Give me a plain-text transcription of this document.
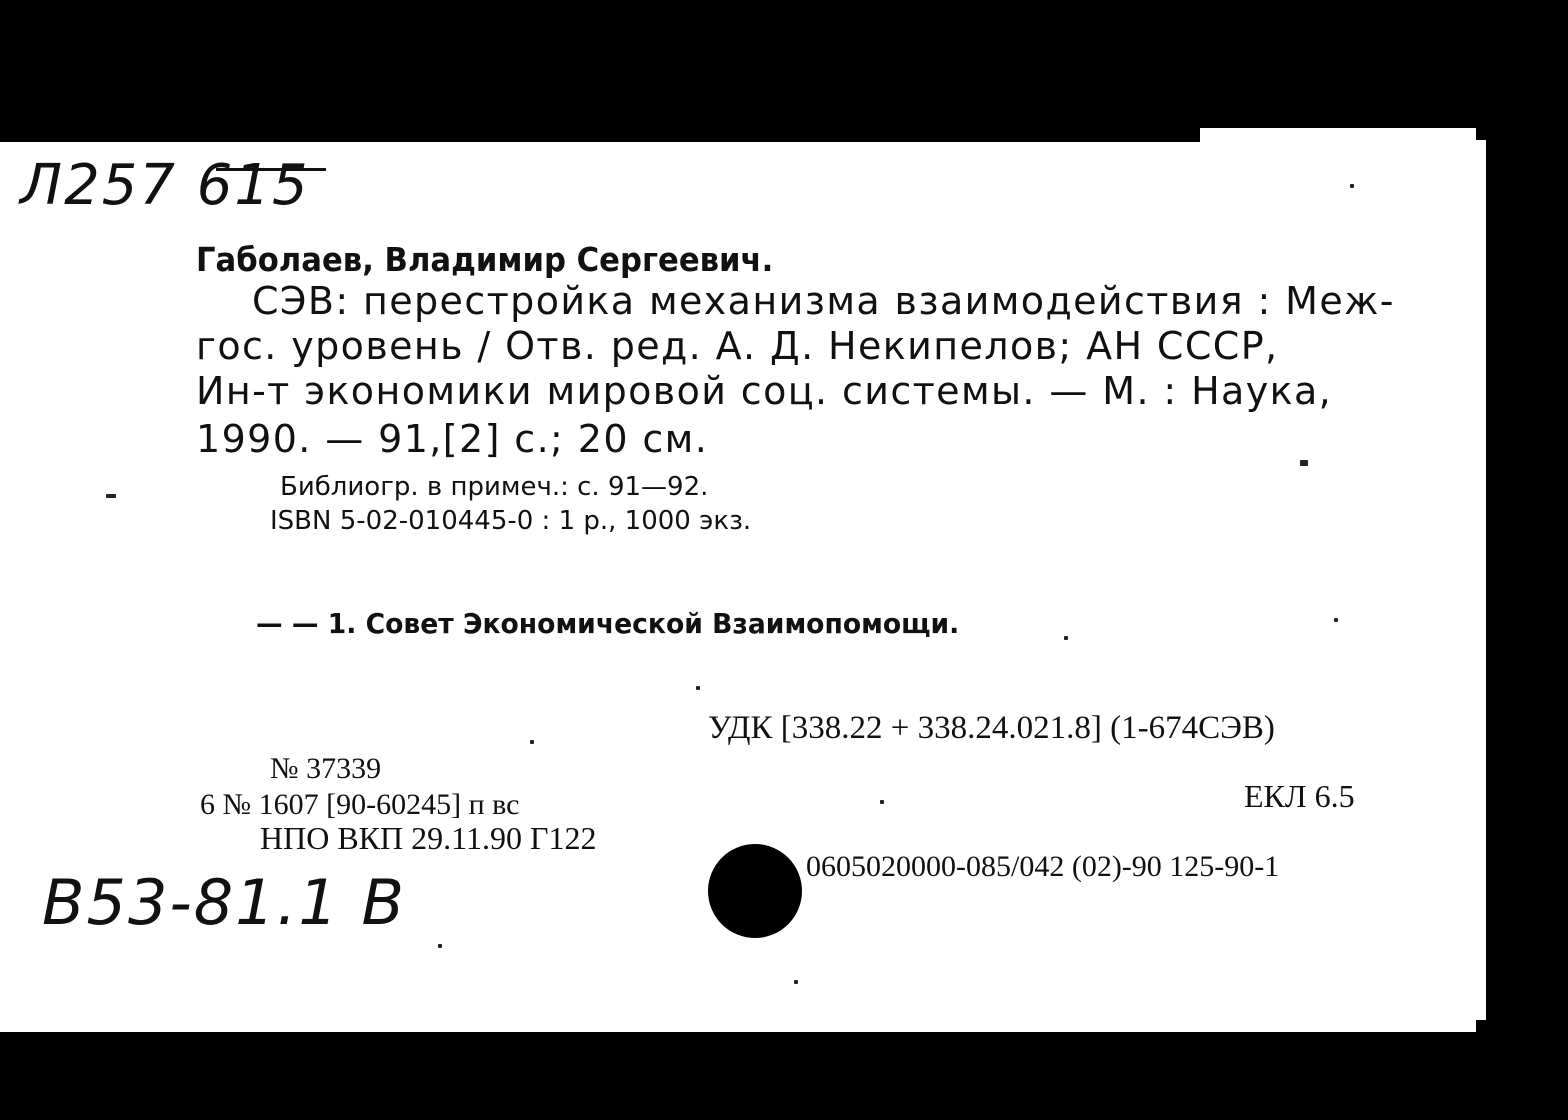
Л257 615
Габолаев, Владимир Сергеевич.
СЭВ: перестройка механизма взаимодействия : Меж-
гос. уровень / Отв. ред. А. Д. Некипелов; АН СССР,
Ин-т экономики мировой соц. системы. — М. : Наука,
1990. — 91,[2] с.; 20 см.
Библиогр. в примеч.: с. 91—92.
ISBN 5-02-010445-0 : 1 р., 1000 экз.
— — 1. Совет Экономической Взаимопомощи.
УДК [338.22 + 338.24.021.8] (1-674СЭВ)
№ 37339
6 № 1607 [90-60245] п вс
НПО ВКП 29.11.90 Г122
ЕКЛ 6.5
0605020000-085/042 (02)-90 125-90-1
В53-81.1 В
